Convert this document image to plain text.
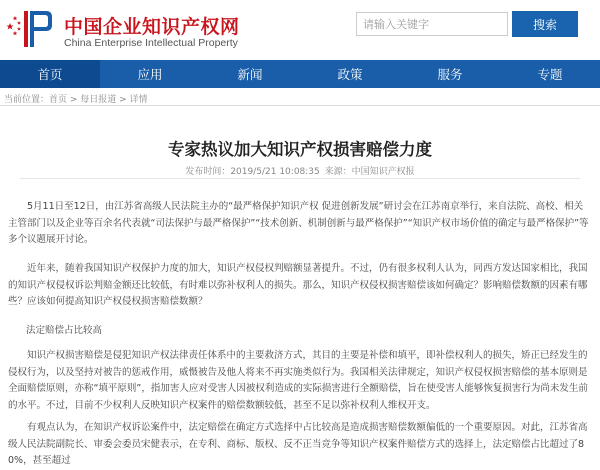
中国企业知识产权网
China Enterprise Intellectual Property
请输入关键字
搜索
首页	应用	新闻	政策	服务	专题
当前位置：首页 > 每日报道 > 详情
专家热议加大知识产权损害赔偿力度
发布时间：2019/5/21 10:08:35 来源：中国知识产权报

5月11日至12日，由江苏省高级人民法院主办的“最严格保护知识产权 促进创新发展”研讨会在江苏南京举行，来自法院、高校、相关主管部门以及企业等百余名代表就“司法保护与最严格保护”“技术创新、机制创新与最严格保护”“知识产权市场价值的确定与最严格保护”等多个议题展开讨论。

近年来，随着我国知识产权保护力度的加大，知识产权侵权判赔额显著提升。不过，仍有很多权利人认为，同西方发达国家相比，我国的知识产权侵权诉讼判赔金额还比较低，有时难以弥补权利人的损失。那么，知识产权侵权损害赔偿该如何确定？影响赔偿数额的因素有哪些？应该如何提高知识产权侵权损害赔偿数额？

法定赔偿占比较高

知识产权损害赔偿是侵犯知识产权法律责任体系中的主要救济方式，其目的主要是补偿和填平，即补偿权利人的损失，矫正已经发生的侵权行为，以及坚持对被告的惩戒作用，威慑被告及他人将来不再实施类似行为。我国相关法律规定，知识产权侵权损害赔偿的基本原则是全面赔偿原则，亦称“填平原则”，指加害人应对受害人因被权利造成的实际损害进行全额赔偿，旨在使受害人能够恢复损害行为尚未发生前的水平。不过，目前不少权利人反映知识产权案件的赔偿数额较低，甚至不足以弥补权利人维权开支。

有观点认为，在知识产权诉讼案件中，法定赔偿在确定方式选择中占比较高是造成损害赔偿数额偏低的一个重要原因。对此，江苏省高级人民法院副院长、审委会委员宋健表示，在专利、商标、版权、反不正当竞争等知识产权案件赔偿方式的选择上，法定赔偿占比超过了80%，甚至超过
